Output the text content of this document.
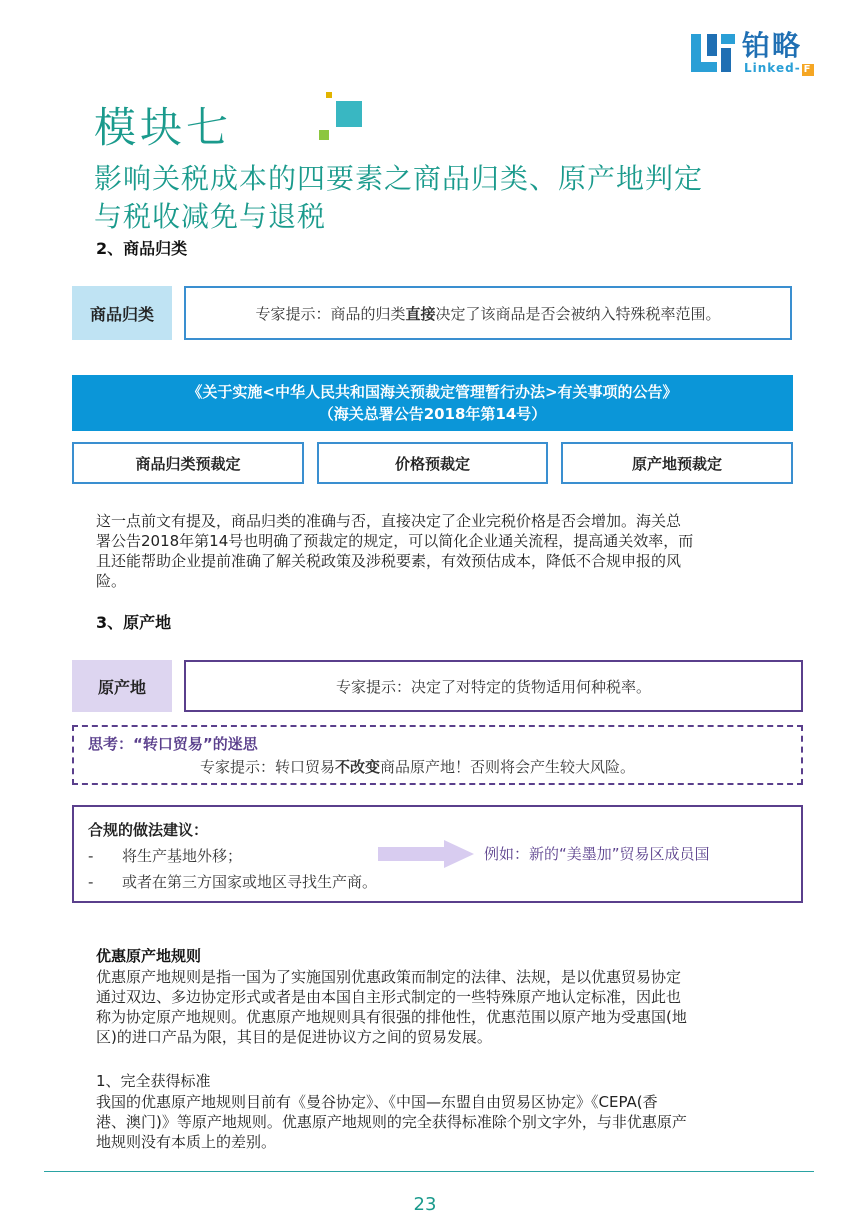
铂略
Linked- F
模块七
影响关税成本的四要素之商品归类、原产地判定
与税收减免与退税
2、商品归类
商品归类	专家提示：商品的归类 直接 决定了该商品是否会被纳入特殊税率范围。
《关于实施<中华人民共和国海关预裁定管理暂行办法>有关事项的公告》
（海关总署公告2018年第14号）
商品归类预裁定	价格预裁定	原产地预裁定
这一点前文有提及，商品归类的准确与否，直接决定了企业完税价格是否会增加。海关总
署公告2018年第14号也明确了预裁定的规定，可以简化企业通关流程，提高通关效率，而
且还能帮助企业提前准确了解关税政策及涉税要素，有效预估成本，降低不合规申报的风
险。
3、原产地
原产地	专家提示：决定了对特定的货物适用何种税率。
思考：“转口贸易”的迷思
专家提示：转口贸易不改变商品原产地！否则将会产生较大风险。
合规的做法建议：
- 将生产基地外移；
- 或者在第三方国家或地区寻找生产商。
例如：新的“美墨加”贸易区成员国
优惠原产地规则
优惠原产地规则是指一国为了实施国别优惠政策而制定的法律、法规，是以优惠贸易协定
通过双边、多边协定形式或者是由本国自主形式制定的一些特殊原产地认定标准，因此也
称为协定原产地规则。优惠原产地规则具有很强的排他性，优惠范围以原产地为受惠国(地
区)的进口产品为限，其目的是促进协议方之间的贸易发展。
1、完全获得标准
我国的优惠原产地规则目前有《曼谷协定》、《中国—东盟自由贸易区协定》《CEPA(香
港、澳门)》等原产地规则。优惠原产地规则的完全获得标准除个别文字外，与非优惠原产
地规则没有本质上的差别。
23
